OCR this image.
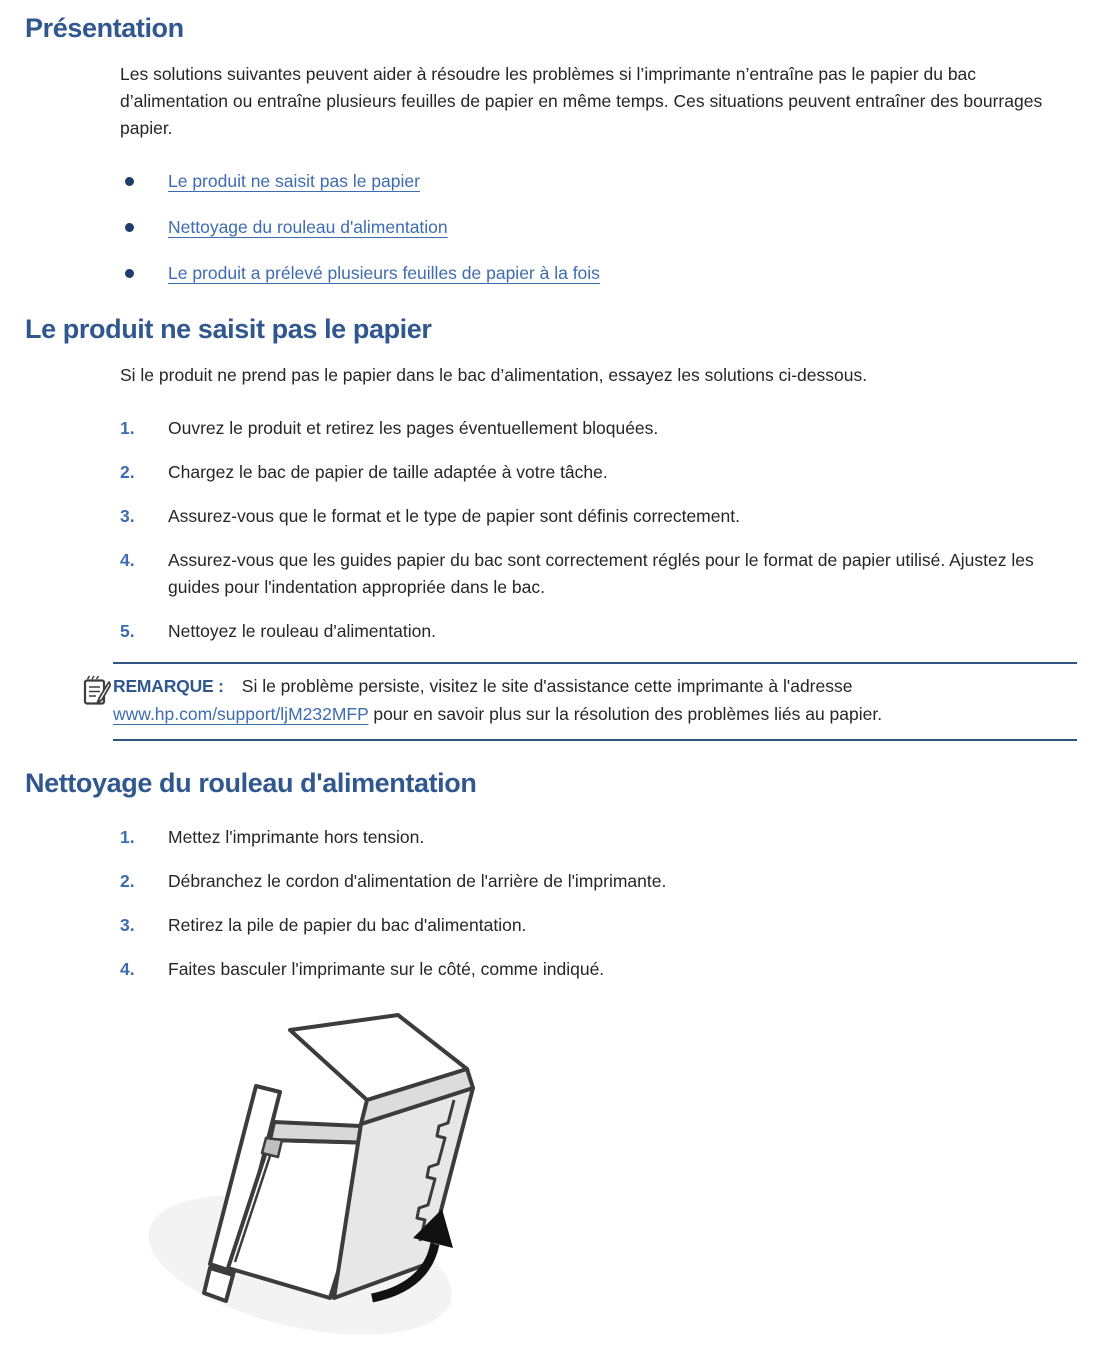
Présentation

Les solutions suivantes peuvent aider à résoudre les problèmes si l’imprimante n’entraîne pas le papier du bac d’alimentation ou entraîne plusieurs feuilles de papier en même temps. Ces situations peuvent entraîner des bourrages papier.

Le produit ne saisit pas le papier
Nettoyage du rouleau d'alimentation
Le produit a prélevé plusieurs feuilles de papier à la fois
Le produit ne saisit pas le papier

Si le produit ne prend pas le papier dans le bac d’alimentation, essayez les solutions ci-dessous.

1. Ouvrez le produit et retirez les pages éventuellement bloquées.
2. Chargez le bac de papier de taille adaptée à votre tâche.
3. Assurez-vous que le format et le type de papier sont définis correctement.
4. Assurez-vous que les guides papier du bac sont correctement réglés pour le format de papier utilisé. Ajustez les guides pour l'indentation appropriée dans le bac.
5. Nettoyez le rouleau d'alimentation.
REMARQUE : Si le problème persiste, visitez le site d'assistance cette imprimante à l'adresse www.hp.com/support/ljM232MFP pour en savoir plus sur la résolution des problèmes liés au papier.
Nettoyage du rouleau d'alimentation
1. Mettez l'imprimante hors tension.
2. Débranchez le cordon d'alimentation de l'arrière de l'imprimante.
3. Retirez la pile de papier du bac d'alimentation.
4. Faites basculer l'imprimante sur le côté, comme indiqué.
